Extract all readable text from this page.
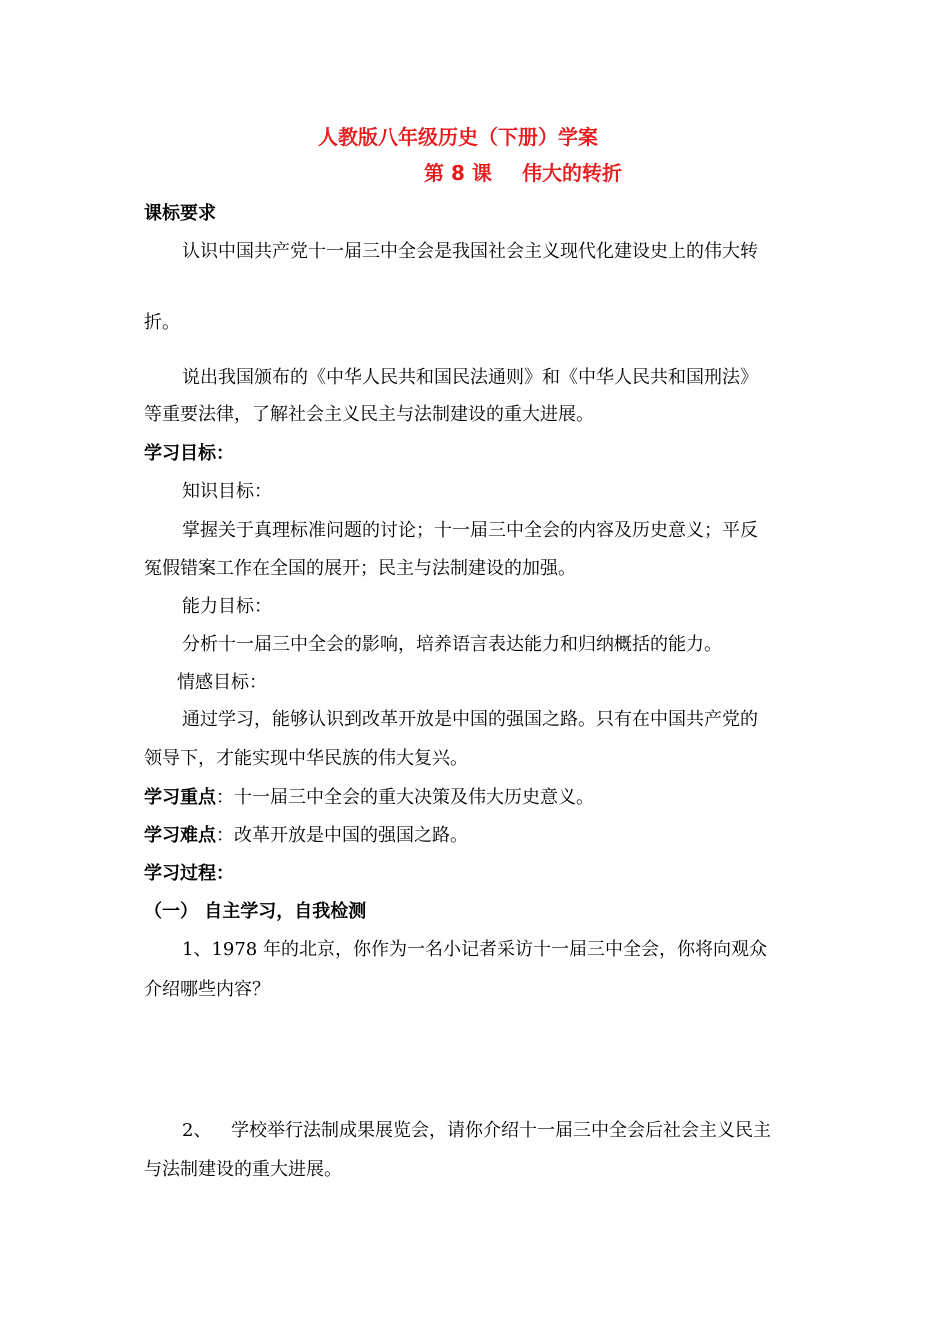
人教版八年级历史（下册）学案
第 8 课 伟大的转折
课标要求
认识中国共产党十一届三中全会是我国社会主义现代化建设史上的伟大转
折。
说出我国颁布的《中华人民共和国民法通则》和《中华人民共和国刑法》
等重要法律，了解社会主义民主与法制建设的重大进展。
学习目标：
知识目标：
掌握关于真理标准问题的讨论；十一届三中全会的内容及历史意义；平反
冤假错案工作在全国的展开；民主与法制建设的加强。
能力目标：
分析十一届三中全会的影响，培养语言表达能力和归纳概括的能力。
情感目标：
通过学习，能够认识到改革开放是中国的强国之路。只有在中国共产党的
领导下，才能实现中华民族的伟大复兴。
学习重点：十一届三中全会的重大决策及伟大历史意义。
学习难点：改革开放是中国的强国之路。
学习过程：
（一） 自主学习，自我检测
1、1978 年的北京，你作为一名小记者采访十一届三中全会，你将向观众
介绍哪些内容？
2、 学校举行法制成果展览会，请你介绍十一届三中全会后社会主义民主
与法制建设的重大进展。
